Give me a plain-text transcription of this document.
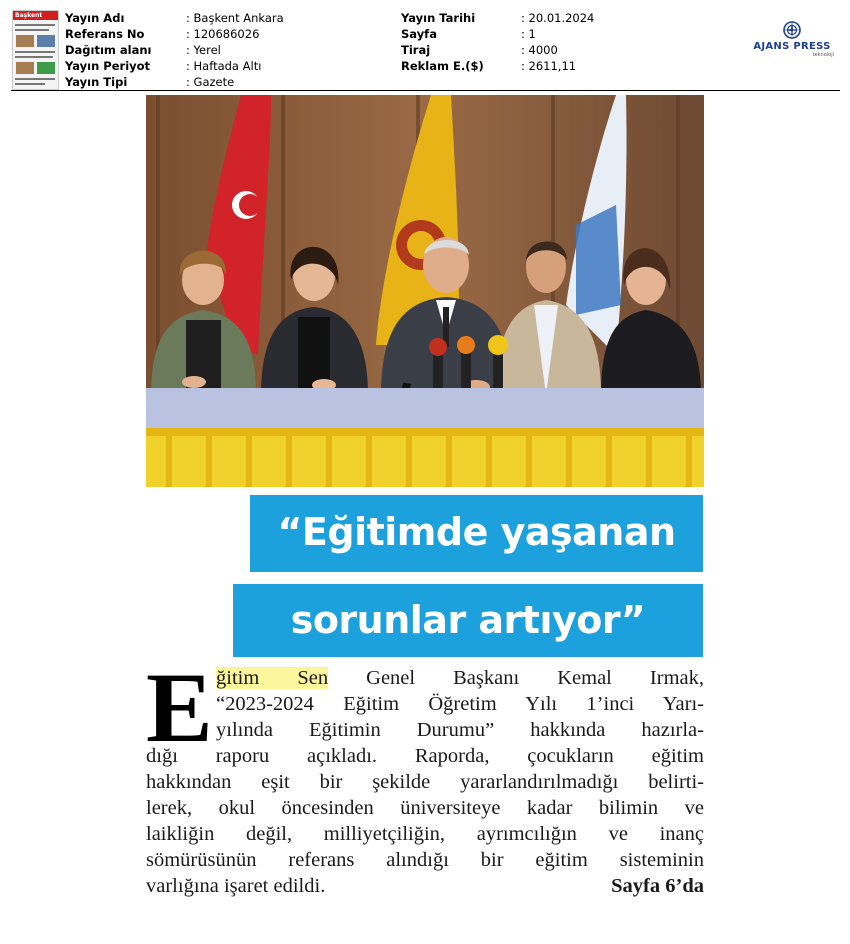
Başkent Yayın Adı
Referans No
Dağıtım alanı
Yayın Periyot
Yayın Tipi
: Başkent Ankara
: 120686026
: Yerel
: Haftada Altı
: Gazete
Yayın Tarihi
Sayfa
Tiraj
Reklam E.($)
: 20.01.2024
: 1
: 4000
: 2611,11
AJANS PRESS
teknoloji
“Eğitimde yaşanan
sorunlar artıyor”
E ğitim Sen Genel Başkanı Kemal Irmak,
“2023-2024 Eğitim Öğretim Yılı 1’inci Yarı-
yılında Eğitimin Durumu” hakkında hazırla-
dığı raporu açıkladı. Raporda, çocukların eğitim
hakkından eşit bir şekilde yararlandırılmadığı belirti-
lerek, okul öncesinden üniversiteye kadar bilimin ve
laikliğin değil, milliyetçiliğin, ayrımcılığın ve inanç
sömürüsünün referans alındığı bir eğitim sisteminin
varlığına işaret edildi.	Sayfa 6’da
